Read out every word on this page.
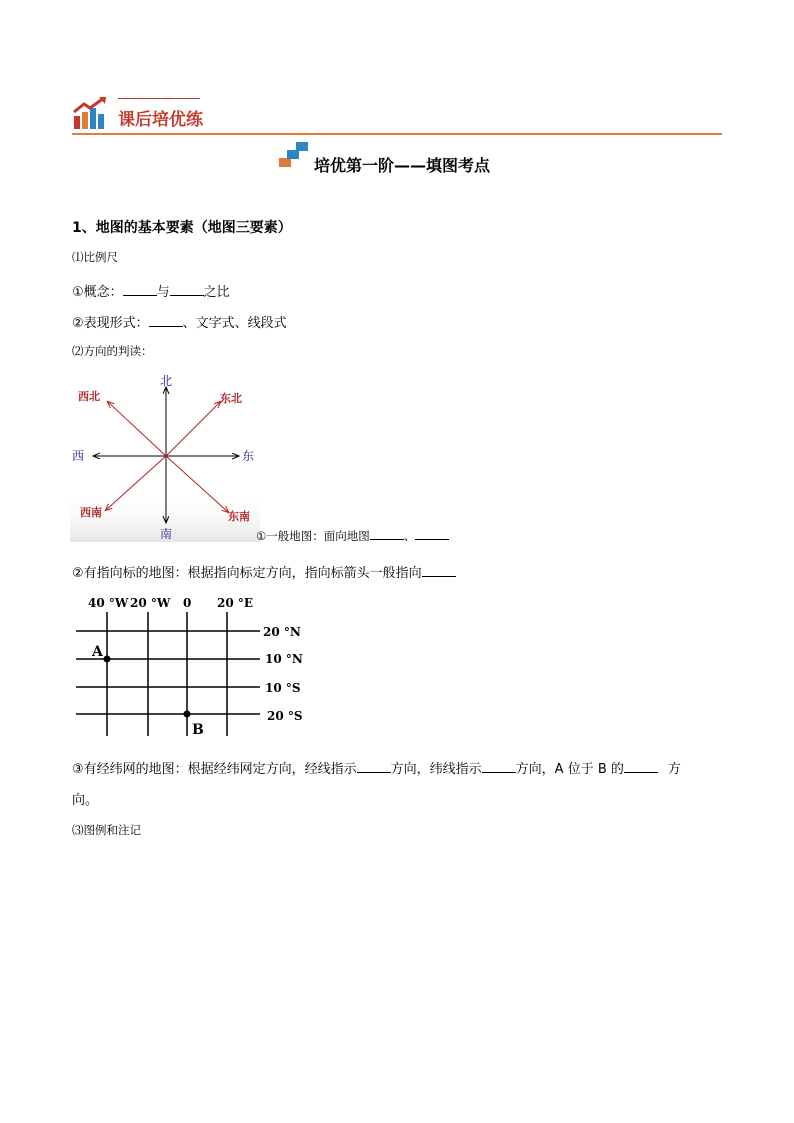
课后培优练
培优第一阶——填图考点
1、地图的基本要素（地图三要素）
⑴比例尺
①概念：	与	之比
②表现形式：	、文字式、线段式
⑵方向的判读：
北
南
东
西
东北
西北
东南
西南
①一般地图：面向地图	、
②有指向标的地图：根据指向标定方向，指向标箭头一般指向
40 °W 20 °W 0 20 °E
20 °N
10 °N
10 °S
20 °S
A
B
③有经纬网的地图：根据经纬网定方向，经线指示	方向，纬线指示	方向，A 位于 B 的	方
向。
⑶图例和注记
